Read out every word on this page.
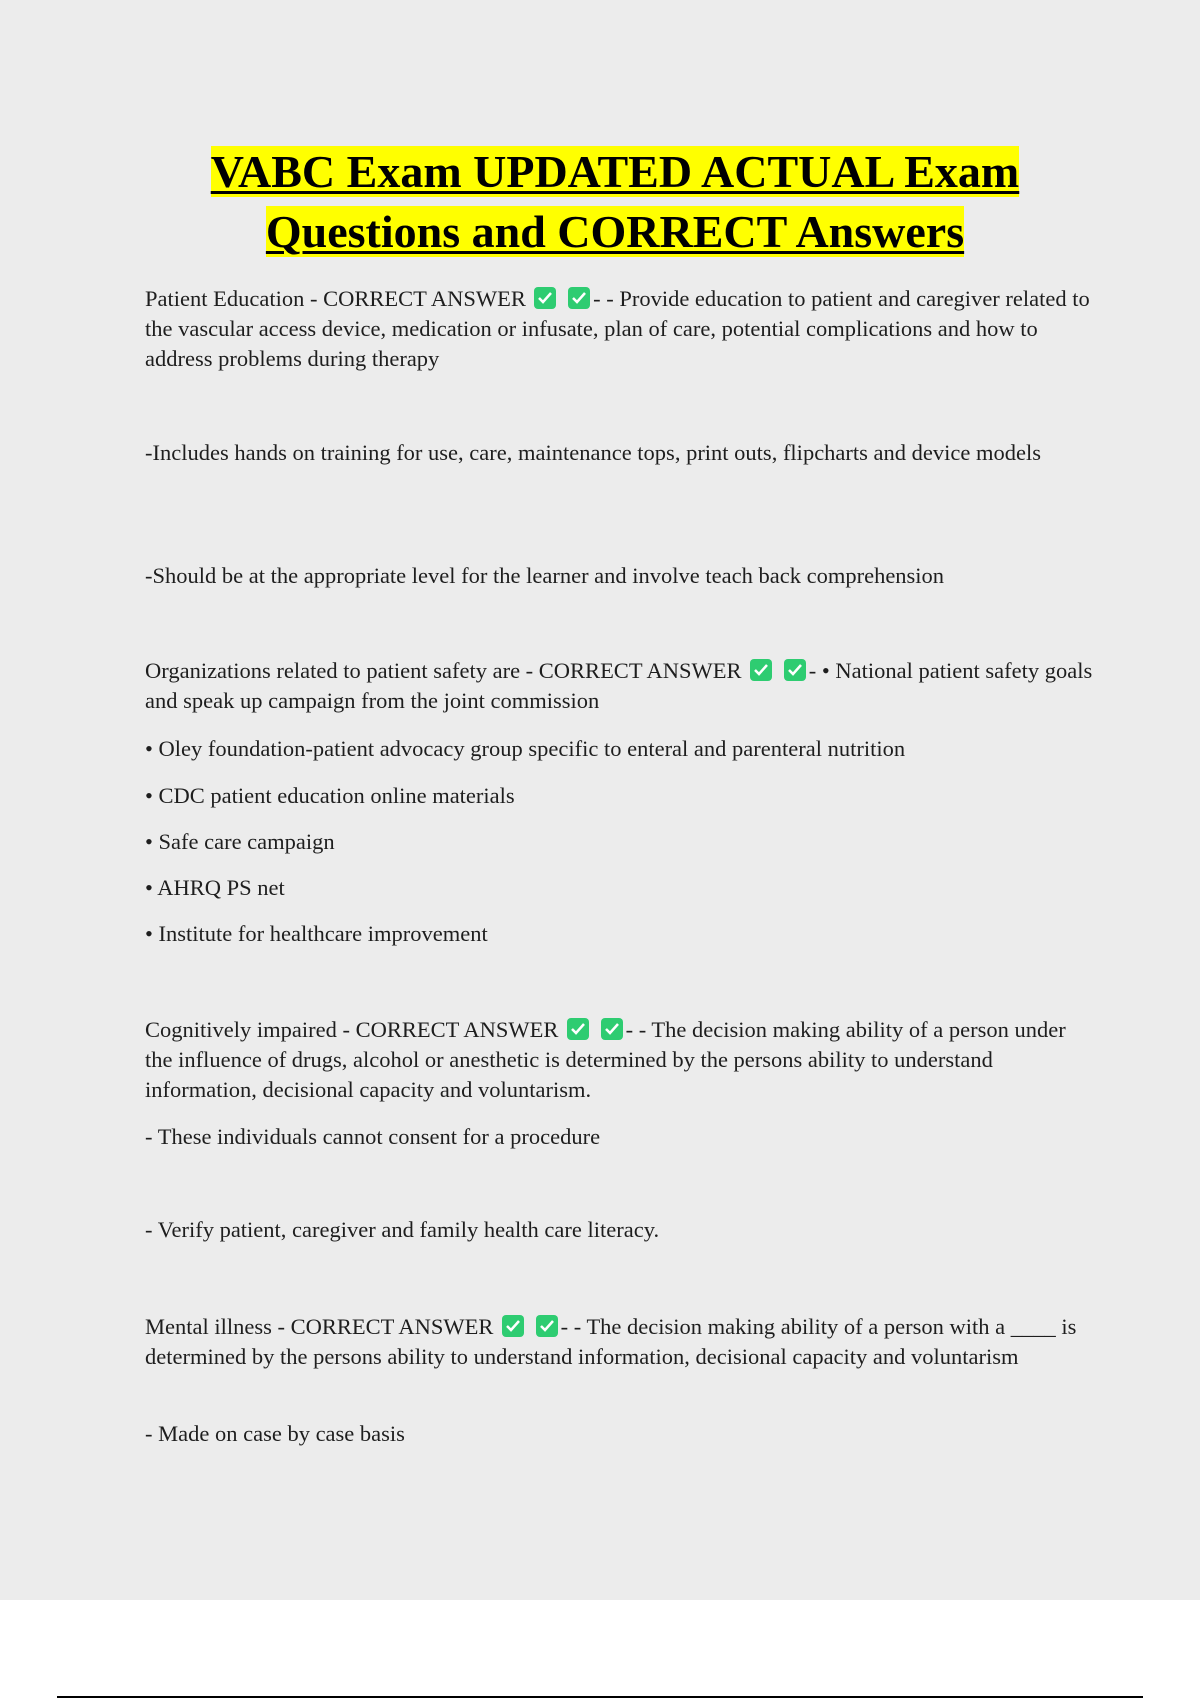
VABC Exam UPDATED ACTUAL Exam
Questions and CORRECT Answers
Patient Education - CORRECT ANSWER
	- - Provide education to patient and caregiver related to the vascular access device, medication or infusate, plan of care, potential complications and how to address problems during therapy
-Includes hands on training for use, care, maintenance tops, print outs, flipcharts and device models
-Should be at the appropriate level for the learner and involve teach back comprehension
Organizations related to patient safety are - CORRECT ANSWER
	- • National patient safety goals and speak up campaign from the joint commission
• Oley foundation-patient advocacy group specific to enteral and parenteral nutrition
• CDC patient education online materials
• Safe care campaign
• AHRQ PS net
• Institute for healthcare improvement
Cognitively impaired - CORRECT ANSWER
	- - The decision making ability of a person under the influence of drugs, alcohol or anesthetic is determined by the persons ability to understand information, decisional capacity and voluntarism.
- These individuals cannot consent for a procedure
- Verify patient, caregiver and family health care literacy.
Mental illness - CORRECT ANSWER
	- - The decision making ability of a person with a ____ is determined by the persons ability to understand information, decisional capacity and voluntarism
- Made on case by case basis
